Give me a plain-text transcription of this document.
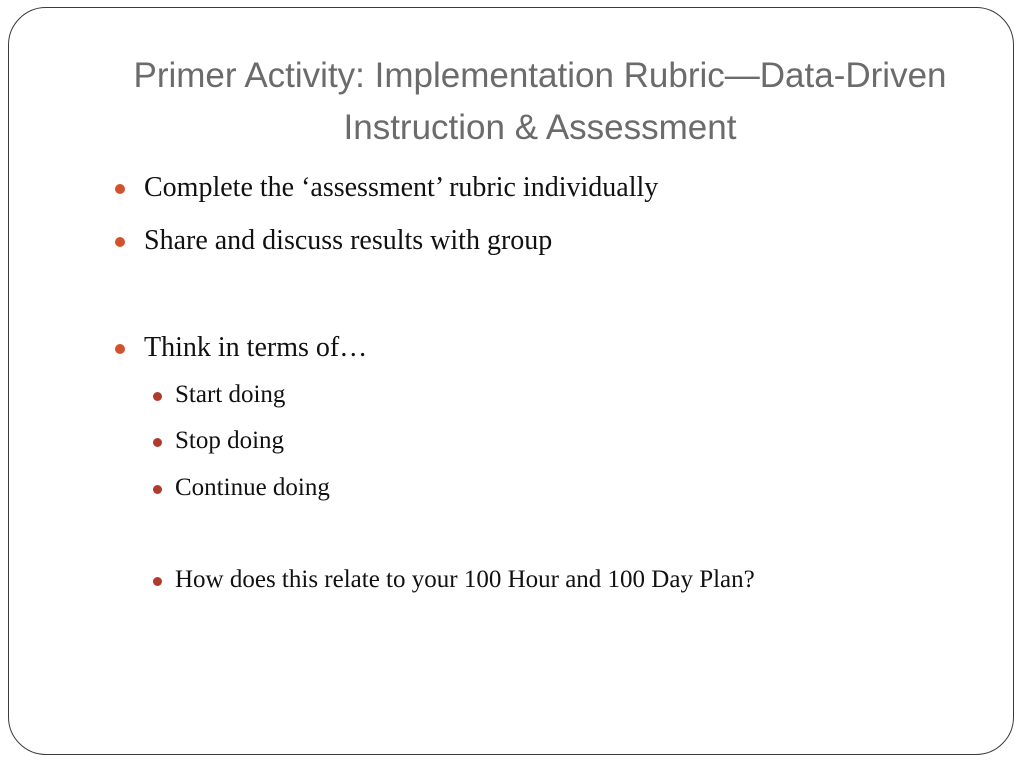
Primer Activity: Implementation Rubric—Data-Driven Instruction & Assessment
Complete the ‘assessment’ rubric individually
Share and discuss results with group
Think in terms of…
Start doing
Stop doing
Continue doing
How does this relate to your 100 Hour and 100 Day Plan?
